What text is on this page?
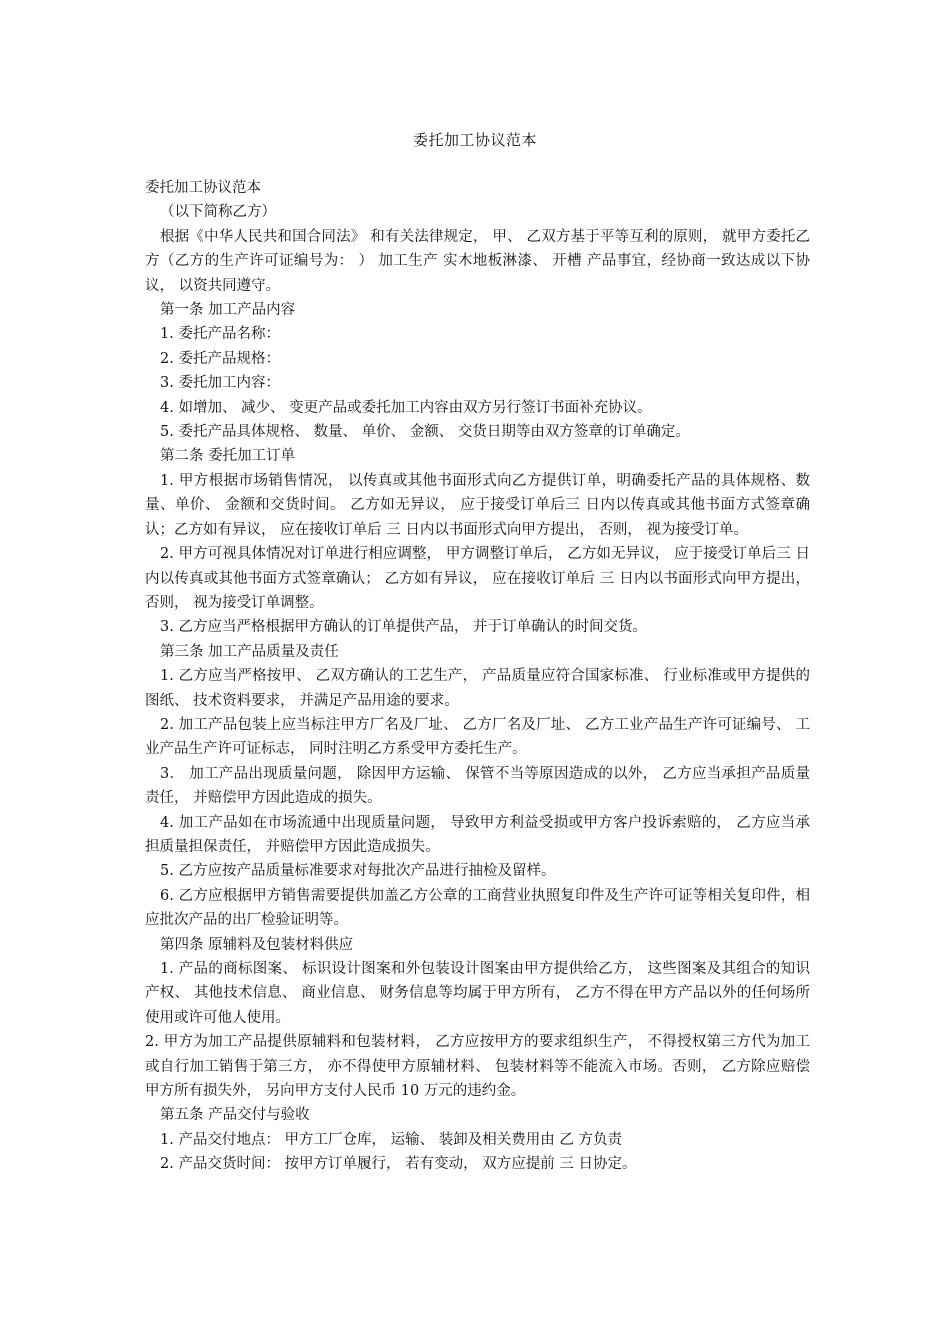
委托加工协议范本

委托加工协议范本

（以下简称乙方）

根据《中华人民共和国合同法》 和有关法律规定， 甲、 乙双方基于平等互利的原则， 就甲方委托乙方（乙方的生产许可证编号为： ） 加工生产 实木地板淋漆、 开槽 产品事宜，经协商一致达成以下协议， 以资共同遵守。

第一条 加工产品内容

1. 委托产品名称：

2. 委托产品规格：

3. 委托加工内容：

4. 如增加、 减少、 变更产品或委托加工内容由双方另行签订书面补充协议。

5. 委托产品具体规格、 数量、 单价、 金额、 交货日期等由双方签章的订单确定。

第二条 委托加工订单

1. 甲方根据市场销售情况， 以传真或其他书面形式向乙方提供订单，明确委托产品的具体规格、数量、单价、 金额和交货时间。 乙方如无异议， 应于接受订单后三 日内以传真或其他书面方式签章确认；乙方如有异议， 应在接收订单后 三 日内以书面形式向甲方提出， 否则， 视为接受订单。

2. 甲方可视具体情况对订单进行相应调整， 甲方调整订单后， 乙方如无异议， 应于接受订单后三 日内以传真或其他书面方式签章确认； 乙方如有异议， 应在接收订单后 三 日内以书面形式向甲方提出， 否则， 视为接受订单调整。

3. 乙方应当严格根据甲方确认的订单提供产品， 并于订单确认的时间交货。

第三条 加工产品质量及责任

1. 乙方应当严格按甲、 乙双方确认的工艺生产， 产品质量应符合国家标准、 行业标准或甲方提供的图纸、 技术资料要求， 并满足产品用途的要求。

2. 加工产品包装上应当标注甲方厂名及厂址、 乙方厂名及厂址、 乙方工业产品生产许可证编号、 工业产品生产许可证标志， 同时注明乙方系受甲方委托生产。

3． 加工产品出现质量问题， 除因甲方运输、 保管不当等原因造成的以外， 乙方应当承担产品质量责任， 并赔偿甲方因此造成的损失。

4. 加工产品如在市场流通中出现质量问题， 导致甲方利益受损或甲方客户投诉索赔的， 乙方应当承担质量担保责任， 并赔偿甲方因此造成损失。

5. 乙方应按产品质量标准要求对每批次产品进行抽检及留样。

6. 乙方应根据甲方销售需要提供加盖乙方公章的工商营业执照复印件及生产许可证等相关复印件，相应批次产品的出厂检验证明等。

第四条 原辅料及包装材料供应

1. 产品的商标图案、 标识设计图案和外包装设计图案由甲方提供给乙方， 这些图案及其组合的知识产权、 其他技术信息、 商业信息、 财务信息等均属于甲方所有， 乙方不得在甲方产品以外的任何场所使用或许可他人使用。

2. 甲方为加工产品提供原辅料和包装材料， 乙方应按甲方的要求组织生产， 不得授权第三方代为加工或自行加工销售于第三方， 亦不得使甲方原辅材料、 包装材料等不能流入市场。否则， 乙方除应赔偿甲方所有损失外， 另向甲方支付人民币 10 万元的违约金。

第五条 产品交付与验收

1. 产品交付地点： 甲方工厂仓库， 运输、 装卸及相关费用由 乙 方负责

2. 产品交货时间： 按甲方订单履行， 若有变动， 双方应提前 三 日协定。
